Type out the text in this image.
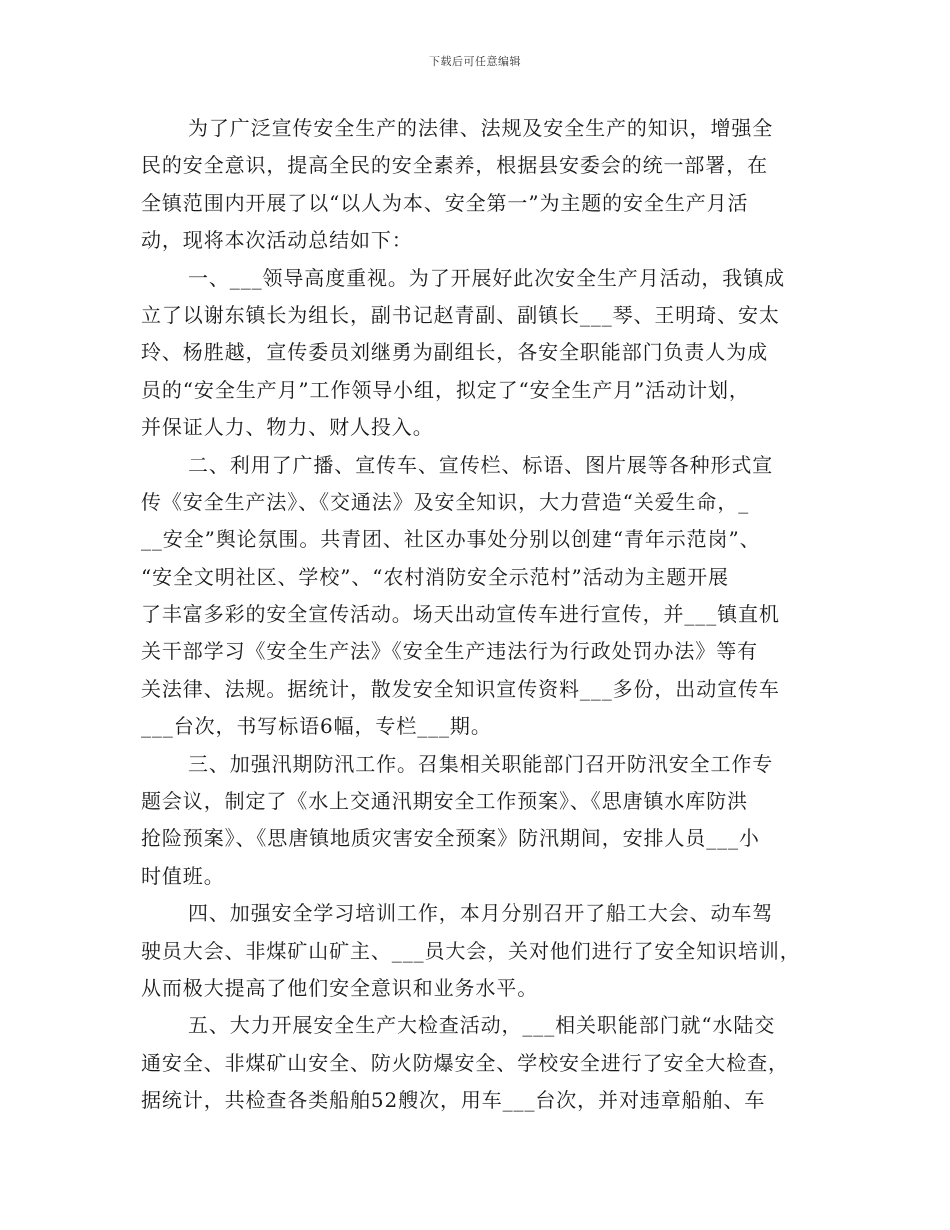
下载后可任意编辑
为了广泛宣传安全生产的法律、法规及安全生产的知识，增强全
民的安全意识，提高全民的安全素养，根据县安委会的统一部署，在
全镇范围内开展了以“以人为本、安全第一”为主题的安全生产月活
动，现将本次活动总结如下：
一、___领导高度重视。为了开展好此次安全生产月活动，我镇成
立了以谢东镇长为组长，副书记赵青副、副镇长___琴、王明琦、安太
玲、杨胜越，宣传委员刘继勇为副组长，各安全职能部门负责人为成
员的“安全生产月”工作领导小组，拟定了“安全生产月”活动计划，
并保证人力、物力、财人投入。
二、利用了广播、宣传车、宣传栏、标语、图片展等各种形式宣
传《安全生产法》、《交通法》及安全知识，大力营造“关爱生命，_
__安全”舆论氛围。共青团、社区办事处分别以创建“青年示范岗”、
“安全文明社区、学校”、“农村消防安全示范村”活动为主题开展
了丰富多彩的安全宣传活动。场天出动宣传车进行宣传，并___镇直机
关干部学习《安全生产法》《安全生产违法行为行政处罚办法》等有
关法律、法规。据统计，散发安全知识宣传资料___多份，出动宣传车
___台次，书写标语6幅，专栏___期。
三、加强汛期防汛工作。召集相关职能部门召开防汛安全工作专
题会议，制定了《水上交通汛期安全工作预案》、《思唐镇水库防洪
抢险预案》、《思唐镇地质灾害安全预案》防汛期间，安排人员___小
时值班。
四、加强安全学习培训工作，本月分别召开了船工大会、动车驾
驶员大会、非煤矿山矿主、___员大会，关对他们进行了安全知识培训，
从而极大提高了他们安全意识和业务水平。
五、大力开展安全生产大检查活动，___相关职能部门就“水陆交
通安全、非煤矿山安全、防火防爆安全、学校安全进行了安全大检查，
据统计，共检查各类船舶52艘次，用车___台次，并对违章船舶、车
